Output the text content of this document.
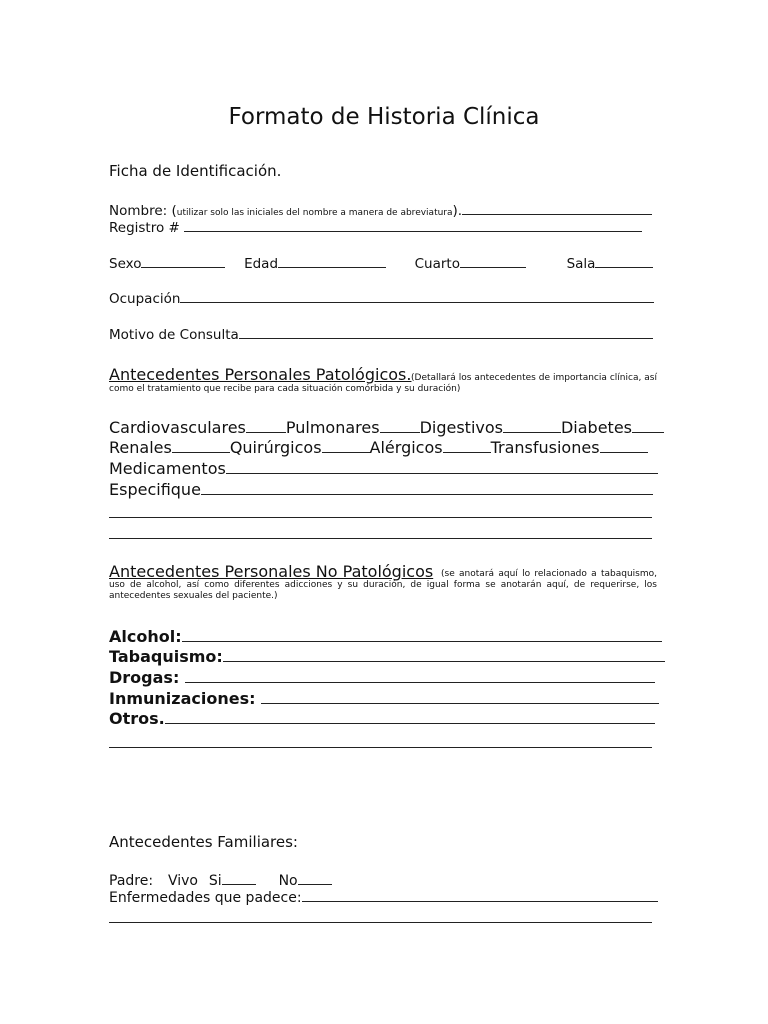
Formato de Historia Clínica
Ficha de Identificación.
Nombre: (utilizar solo las iniciales del nombre a manera de abreviatura).
Registro #
Sexo	Edad	Cuarto	Sala
Ocupación
Motivo de Consulta
Antecedentes Personales Patológicos. (Detallará los antecedentes de importancia clínica, así como el tratamiento que recibe para cada situación comórbida y su duración)
Cardiovasculares	Pulmonares	Digestivos	Diabetes
Renales	Quirúrgicos	Alérgicos	Transfusiones
Medicamentos
Especifique
Antecedentes Personales No Patológicos (se anotará aquí lo relacionado a tabaquismo, uso de alcohol, así como diferentes adicciones y su duración, de igual forma se anotarán aquí, de requerirse, los antecedentes sexuales del paciente.)
Alcohol:
Tabaquismo:
Drogas:
Inmunizaciones:
Otros.
Antecedentes Familiares:
Padre: Vivo Si	No
Enfermedades que padece:
